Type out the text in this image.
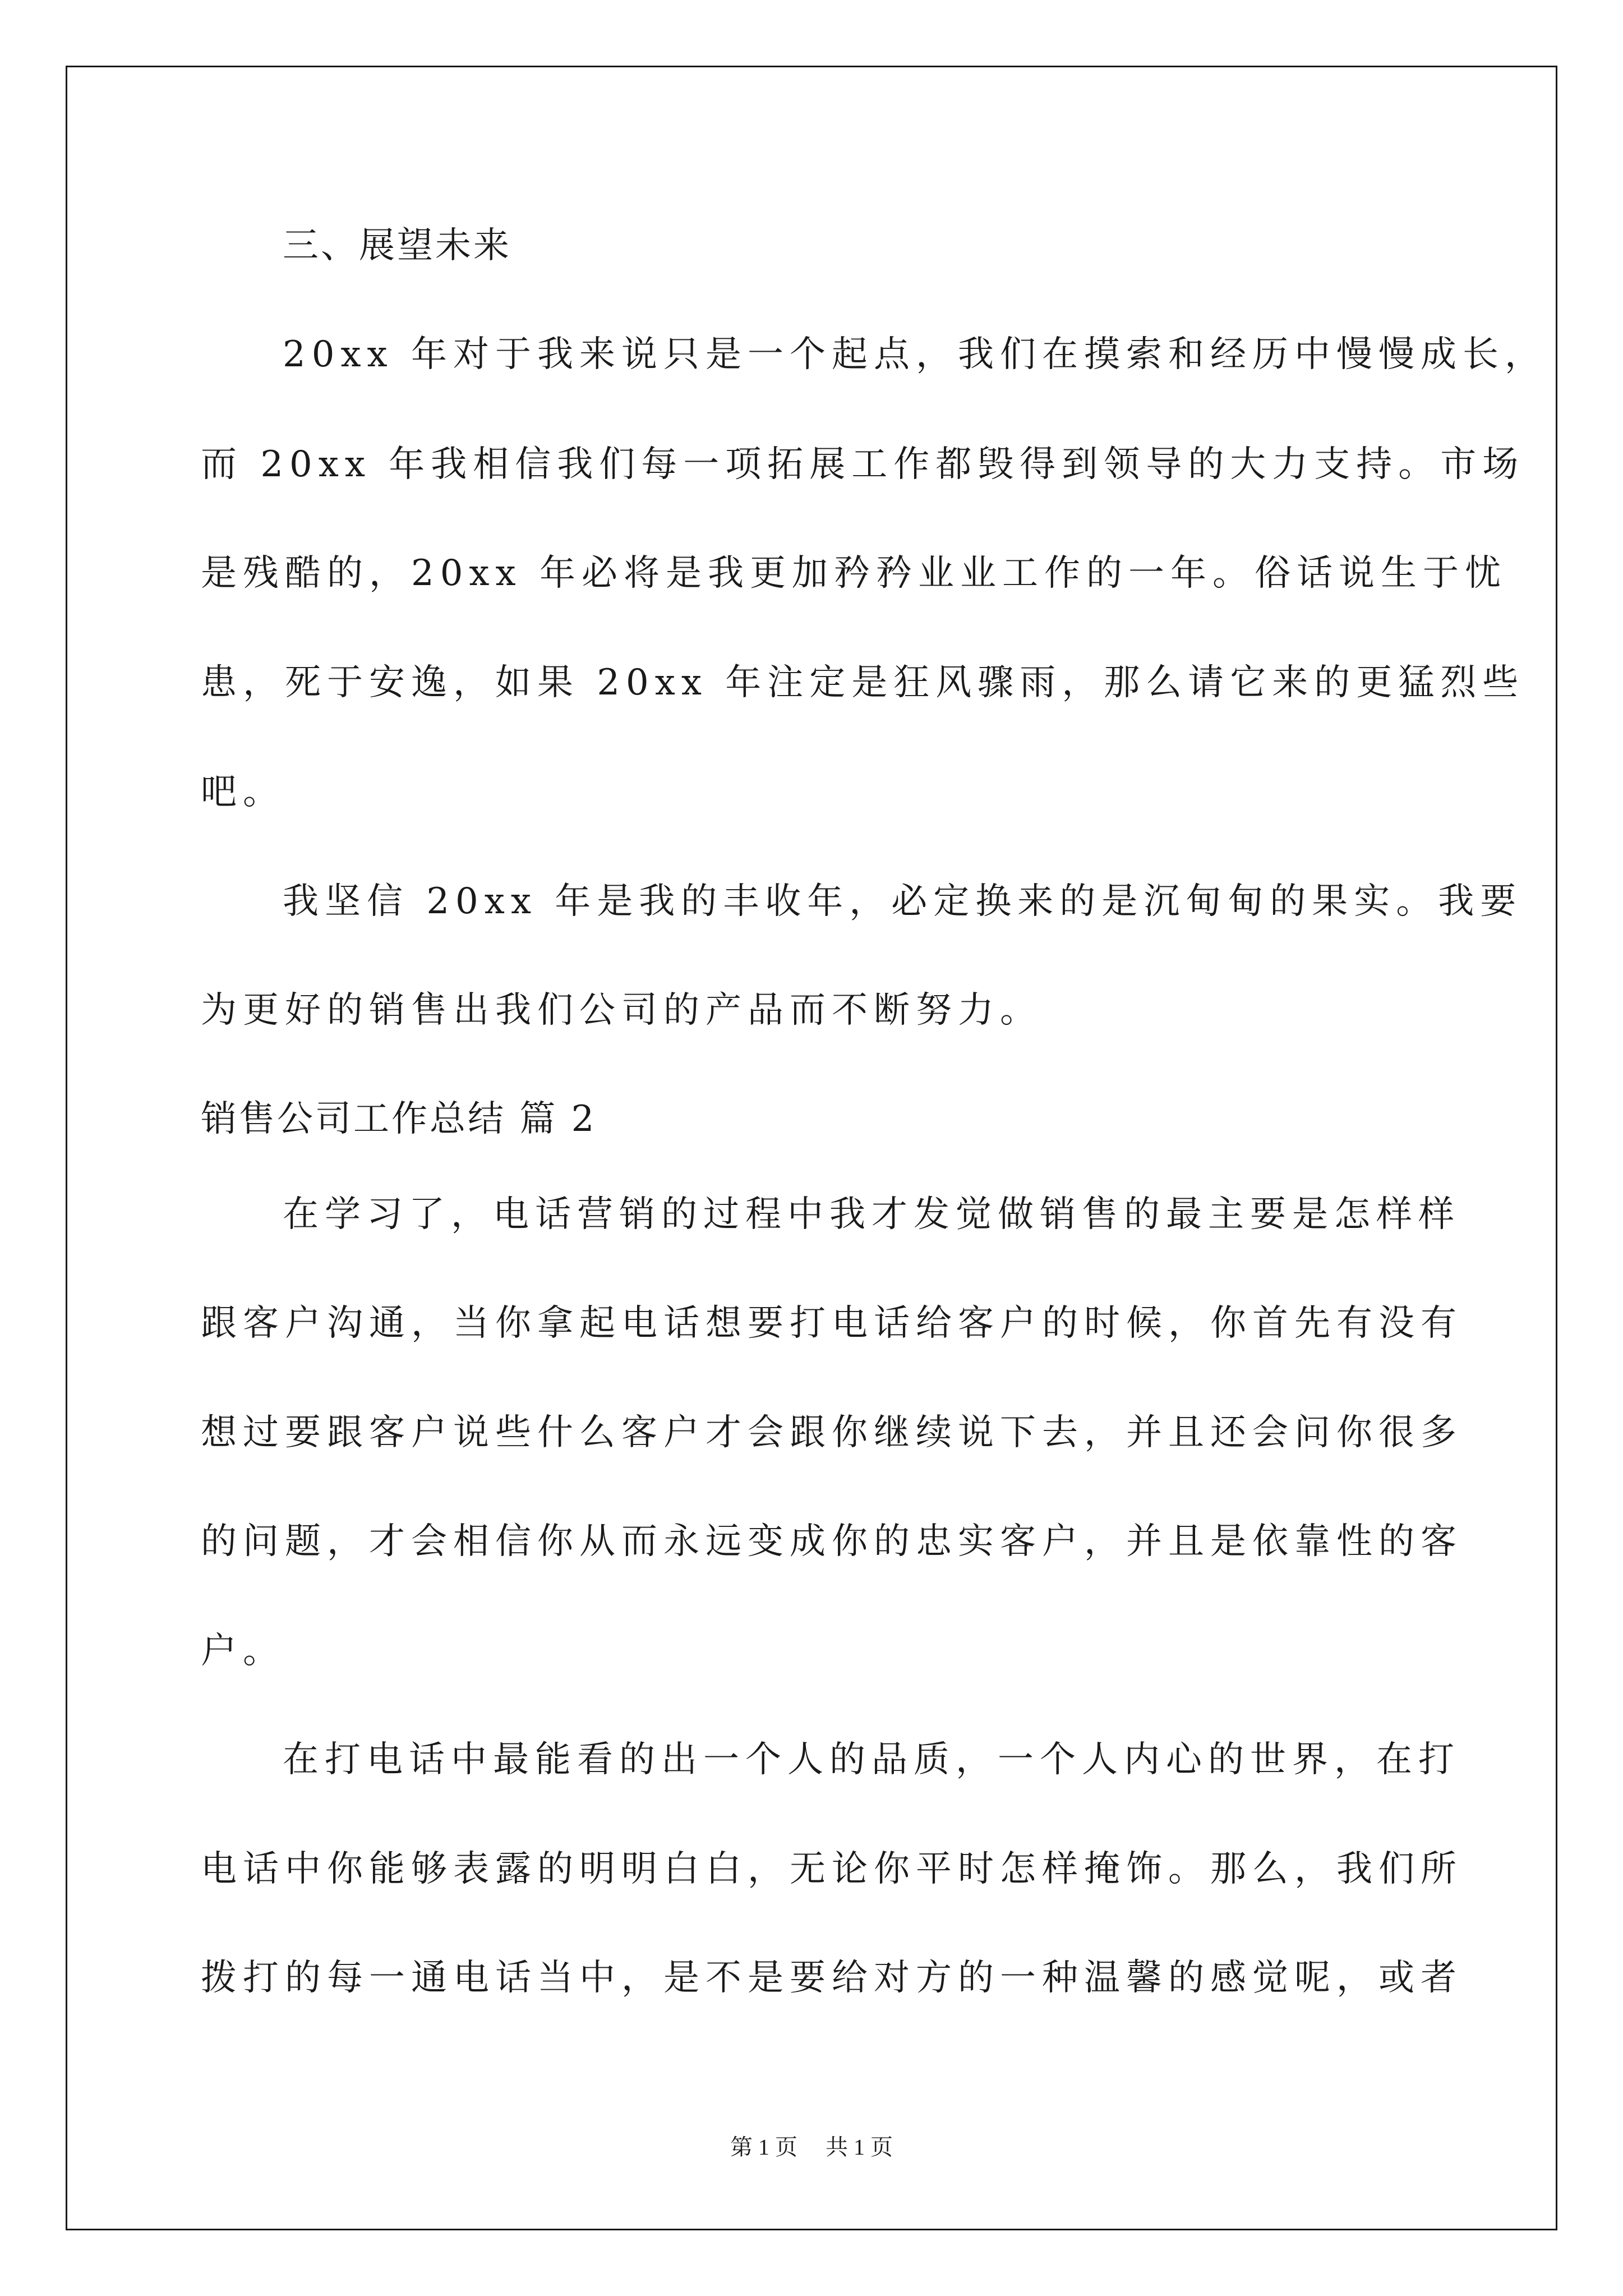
三、展望未来
20xx 年对于我来说只是一个起点，我们在摸索和经历中慢慢成长，
而 20xx 年我相信我们每一项拓展工作都毁得到领导的大力支持。市场
是残酷的，20xx 年必将是我更加矜矜业业工作的一年。俗话说生于忧
患，死于安逸，如果 20xx 年注定是狂风骤雨，那么请它来的更猛烈些
吧。
我坚信 20xx 年是我的丰收年，必定换来的是沉甸甸的果实。我要
为更好的销售出我们公司的产品而不断努力。
销售公司工作总结 篇 2
在学习了，电话营销的过程中我才发觉做销售的最主要是怎样样
跟客户沟通，当你拿起电话想要打电话给客户的时候，你首先有没有
想过要跟客户说些什么客户才会跟你继续说下去，并且还会问你很多
的问题，才会相信你从而永远变成你的忠实客户，并且是依靠性的客
户。
在打电话中最能看的出一个人的品质，一个人内心的世界，在打
电话中你能够表露的明明白白，无论你平时怎样掩饰。那么，我们所
拨打的每一通电话当中，是不是要给对方的一种温馨的感觉呢，或者
第 1 页 共 1 页
